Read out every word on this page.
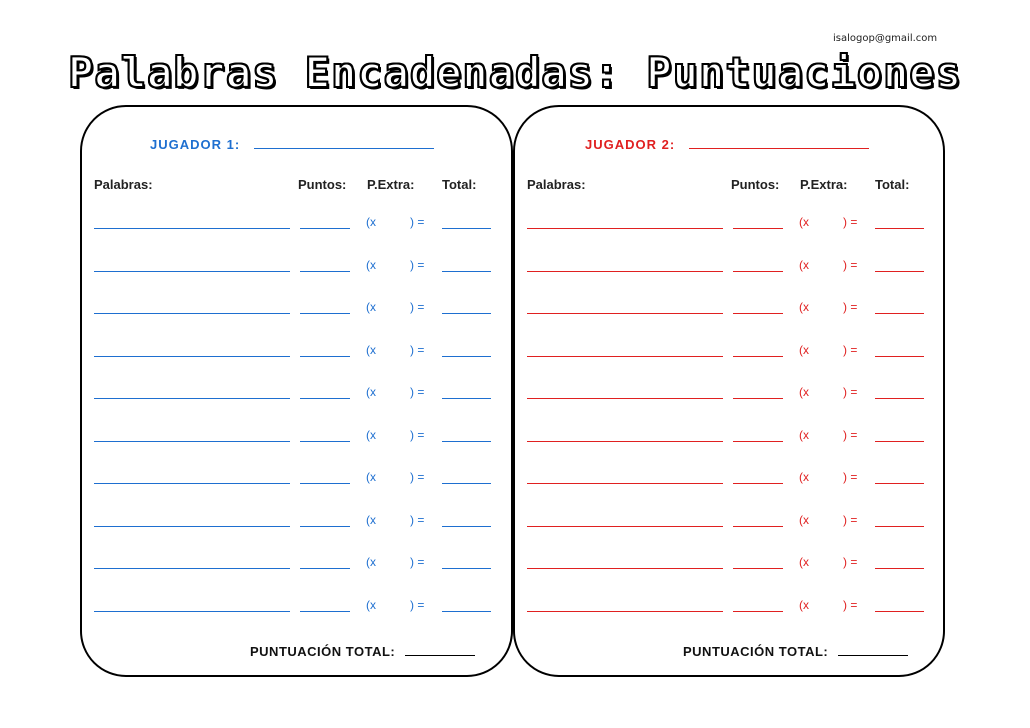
isalogop@gmail.com
Palabras Encadenadas: Puntuaciones
JUGADOR 1:
Palabras:	Puntos: P.Extra: Total:
(x	) =
(x	) =
(x	) =
(x	) =
(x	) =
(x	) =
(x	) =
(x	) =
(x	) =
(x	) =
PUNTUACIÓN TOTAL:
JUGADOR 2:
Palabras:	Puntos: P.Extra: Total:
(x	) =
(x	) =
(x	) =
(x	) =
(x	) =
(x	) =
(x	) =
(x	) =
(x	) =
(x	) =
PUNTUACIÓN TOTAL:
